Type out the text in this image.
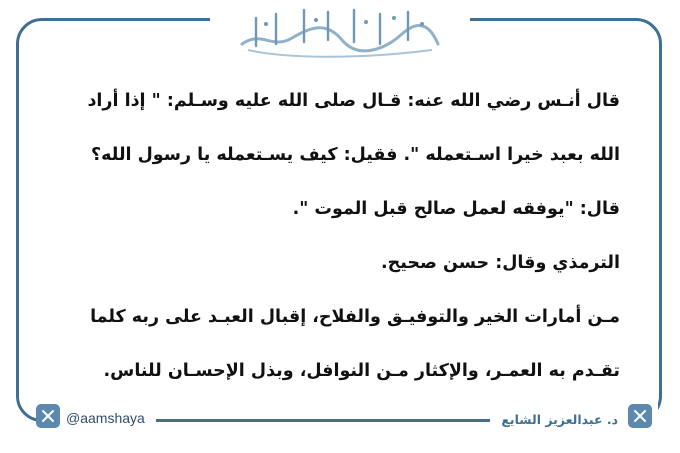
قال أنـس رضي الله عنه: قـال صلى الله عليه وسـلم: " إذا أراد
الله بعبد خيرا اسـتعمله ". فقيل: كيف يسـتعمله يا رسول الله؟
قال: "يوفقه لعمل صالح قبل الموت ".
الترمذي وقال: حسن صحيح.
مـن أمارات الخير والتوفيـق والفلاح، إقبال العبـد على ربه كلما
تقـدم به العمـر، والإكثار مـن النوافل، وبذل الإحسـان للناس.
@aamshaya	د. عبدالعزيز الشايع
